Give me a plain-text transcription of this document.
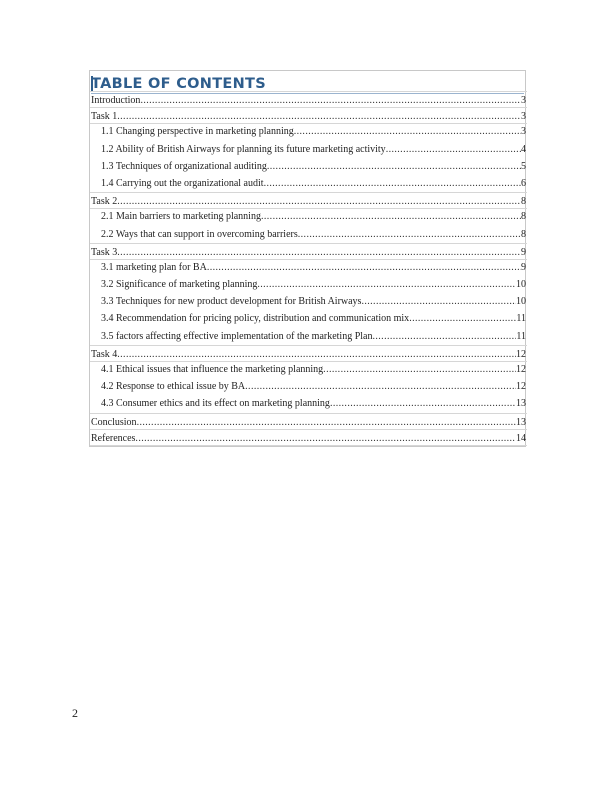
TABLE OF CONTENTS
Introduction .....	3
Task 1 .....	3
1.1 Changing perspective in marketing planning .....	3
1.2 Ability of British Airways for planning its future marketing activity .....	4
1.3 Techniques of organizational auditing .....	5
1.4 Carrying out the organizational audit .....	6
Task 2 .....	8
2.1 Main barriers to marketing planning .....	8
2.2 Ways that can support in overcoming barriers .....	8
Task 3 .....	9
3.1 marketing plan for BA .....	9
3.2 Significance of marketing planning .....	10
3.3 Techniques for new product development for British Airways .....	10
3.4 Recommendation for pricing policy, distribution and communication mix .....	11
3.5 factors affecting effective implementation of the marketing Plan .....	11
Task 4 .....	12
4.1 Ethical issues that influence the marketing planning .....	12
4.2 Response to ethical issue by BA .....	12
4.3 Consumer ethics and its effect on marketing planning .....	13
Conclusion .....	13
References .....	14
2
